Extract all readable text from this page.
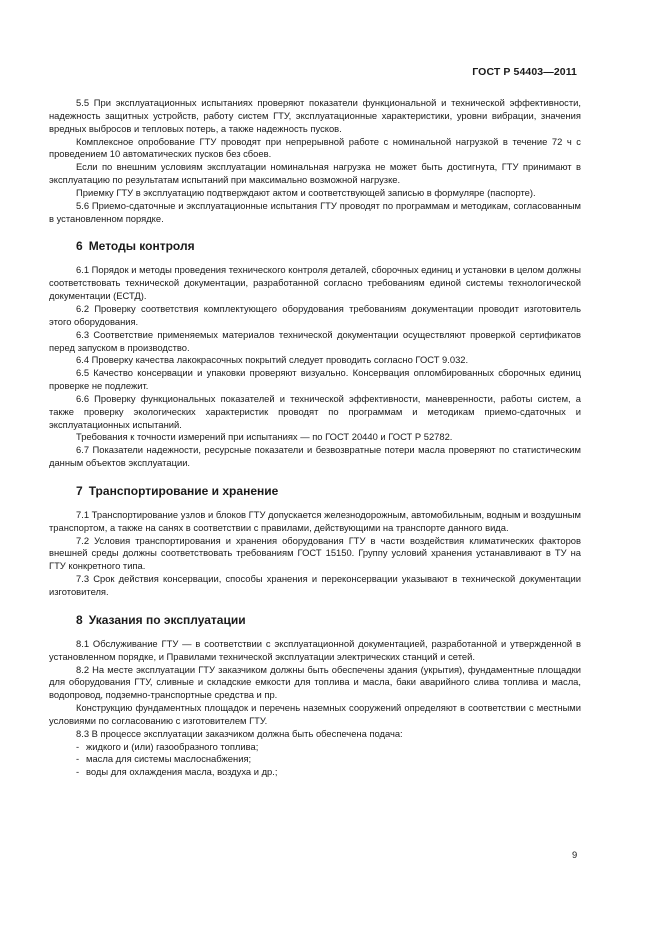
ГОСТ Р 54403—2011
5.5 При эксплуатационных испытаниях проверяют показатели функциональной и технической эффективности, надежность защитных устройств, работу систем ГТУ, эксплуатационные характеристики, уровни вибрации, значения вредных выбросов и тепловых потерь, а также надежность пусков.
Комплексное опробование ГТУ проводят при непрерывной работе с номинальной нагрузкой в течение 72 ч с проведением 10 автоматических пусков без сбоев.
Если по внешним условиям эксплуатации номинальная нагрузка не может быть достигнута, ГТУ принимают в эксплуатацию по результатам испытаний при максимально возможной нагрузке.
Приемку ГТУ в эксплуатацию подтверждают актом и соответствующей записью в формуляре (паспорте).
5.6 Приемо-сдаточные и эксплуатационные испытания ГТУ проводят по программам и методикам, согласованным в установленном порядке.
6 Методы контроля
6.1 Порядок и методы проведения технического контроля деталей, сборочных единиц и установки в целом должны соответствовать технической документации, разработанной согласно требованиям единой системы технологической документации (ЕСТД).
6.2 Проверку соответствия комплектующего оборудования требованиям документации проводит изготовитель этого оборудования.
6.3 Соответствие применяемых материалов технической документации осуществляют проверкой сертификатов перед запуском в производство.
6.4 Проверку качества лакокрасочных покрытий следует проводить согласно ГОСТ 9.032.
6.5 Качество консервации и упаковки проверяют визуально. Консервация опломбированных сборочных единиц проверке не подлежит.
6.6 Проверку функциональных показателей и технической эффективности, маневренности, работы систем, а также проверку экологических характеристик проводят по программам и методикам приемо-сдаточных и эксплуатационных испытаний.
Требования к точности измерений при испытаниях — по ГОСТ 20440 и ГОСТ Р 52782.
6.7 Показатели надежности, ресурсные показатели и безвозвратные потери масла проверяют по статистическим данным объектов эксплуатации.
7 Транспортирование и хранение
7.1 Транспортирование узлов и блоков ГТУ допускается железнодорожным, автомобильным, водным и воздушным транспортом, а также на санях в соответствии с правилами, действующими на транспорте данного вида.
7.2 Условия транспортирования и хранения оборудования ГТУ в части воздействия климатических факторов внешней среды должны соответствовать требованиям ГОСТ 15150. Группу условий хранения устанавливают в ТУ на ГТУ конкретного типа.
7.3 Срок действия консервации, способы хранения и переконсервации указывают в технической документации изготовителя.
8 Указания по эксплуатации
8.1 Обслуживание ГТУ — в соответствии с эксплуатационной документацией, разработанной и утвержденной в установленном порядке, и Правилами технической эксплуатации электрических станций и сетей.
8.2 На месте эксплуатации ГТУ заказчиком должны быть обеспечены здания (укрытия), фундаментные площадки для оборудования ГТУ, сливные и складские емкости для топлива и масла, баки аварийного слива топлива и масла, водопровод, подземно-транспортные средства и пр.
Конструкцию фундаментных площадок и перечень наземных сооружений определяют в соответствии с местными условиями по согласованию с изготовителем ГТУ.
8.3 В процессе эксплуатации заказчиком должна быть обеспечена подача:
- жидкого и (или) газообразного топлива;
- масла для системы маслоснабжения;
- воды для охлаждения масла, воздуха и др.;
9
